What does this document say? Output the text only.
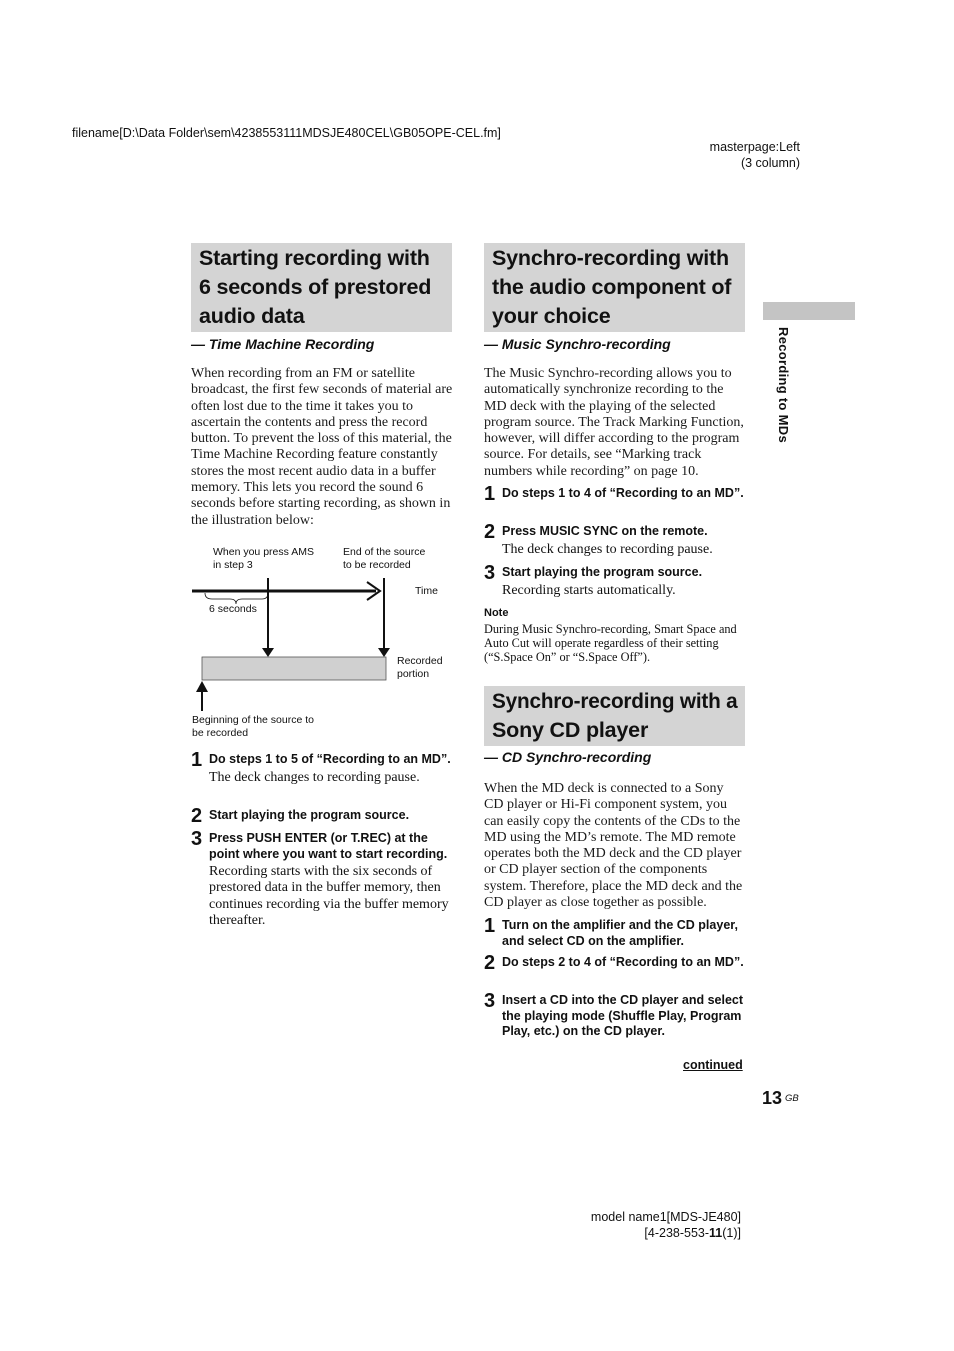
filename[D:\Data Folder\sem\4238553111MDSJE480CEL\GB05OPE-CEL.fm]
masterpage:Left
(3 column)
Recording to MDs
Starting recording with
6 seconds of prestored
audio data
— Time Machine Recording
When recording from an FM or satellite broadcast, the first few seconds of material are often lost due to the time it takes you to ascertain the contents and press the record button. To prevent the loss of this material, the Time Machine Recording feature constantly stores the most recent audio data in a buffer memory. This lets you record the sound 6 seconds before starting recording, as shown in the illustration below:
When you press AMS
in step 3
End of the source
to be recorded
Time
6 seconds
Recorded
portion
Beginning of the source to
be recorded
1 Do steps 1 to 5 of “Recording to an MD”.
The deck changes to recording pause.
2 Start playing the program source.
3 Press PUSH ENTER (or T.REC) at the point where you want to start recording.
Recording starts with the six seconds of prestored data in the buffer memory, then continues recording via the buffer memory thereafter.
Synchro-recording with
the audio component of
your choice
— Music Synchro-recording
The Music Synchro-recording allows you to automatically synchronize recording to the MD deck with the playing of the selected program source. The Track Marking Function, however, will differ according to the program source. For details, see “Marking track numbers while recording” on page 10.
1 Do steps 1 to 4 of “Recording to an MD”.
2 Press MUSIC SYNC on the remote.
The deck changes to recording pause.
3 Start playing the program source.
Recording starts automatically.
Note
During Music Synchro-recording, Smart Space and Auto Cut will operate regardless of their setting (“S.Space On” or “S.Space Off”).
Synchro-recording with a
Sony CD player
— CD Synchro-recording
When the MD deck is connected to a Sony CD player or Hi-Fi component system, you can easily copy the contents of the CDs to the MD using the MD’s remote. The MD remote operates both the MD deck and the CD player or CD player section of the components system. Therefore, place the MD deck and the CD player as close together as possible.
1 Turn on the amplifier and the CD player, and select CD on the amplifier.
2 Do steps 2 to 4 of “Recording to an MD”.
3 Insert a CD into the CD player and select the playing mode (Shuffle Play, Program Play, etc.) on the CD player.
continued
13 GB
model name1[MDS-JE480]
[4-238-553-11(1)]
